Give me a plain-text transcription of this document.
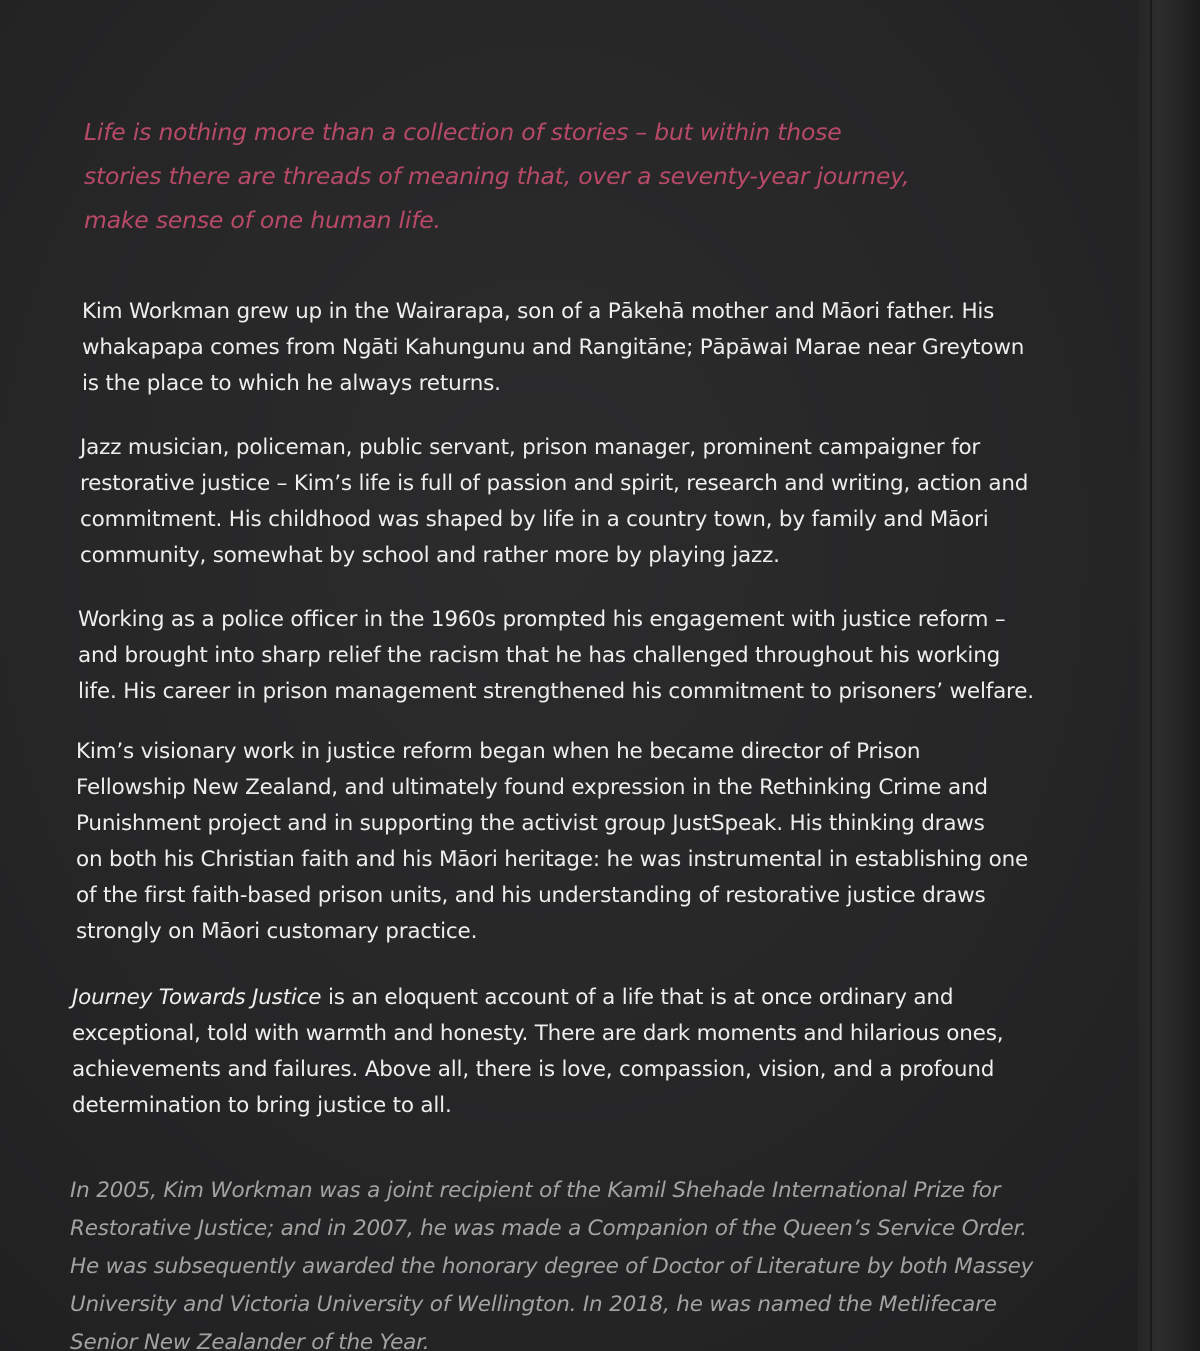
Life is nothing more than a collection of stories – but within those
stories there are threads of meaning that, over a seventy-year journey,
make sense of one human life.
Kim Workman grew up in the Wairarapa, son of a Pākehā mother and Māori father. His
whakapapa comes from Ngāti Kahungunu and Rangitāne; Pāpāwai Marae near Greytown
is the place to which he always returns.
Jazz musician, policeman, public servant, prison manager, prominent campaigner for
restorative justice – Kim’s life is full of passion and spirit, research and writing, action and
commitment. His childhood was shaped by life in a country town, by family and Māori
community, somewhat by school and rather more by playing jazz.
Working as a police officer in the 1960s prompted his engagement with justice reform –
and brought into sharp relief the racism that he has challenged throughout his working
life. His career in prison management strengthened his commitment to prisoners’ welfare.
Kim’s visionary work in justice reform began when he became director of Prison
Fellowship New Zealand, and ultimately found expression in the Rethinking Crime and
Punishment project and in supporting the activist group JustSpeak. His thinking draws
on both his Christian faith and his Māori heritage: he was instrumental in establishing one
of the first faith-based prison units, and his understanding of restorative justice draws
strongly on Māori customary practice.
Journey Towards Justice is an eloquent account of a life that is at once ordinary and
exceptional, told with warmth and honesty. There are dark moments and hilarious ones,
achievements and failures. Above all, there is love, compassion, vision, and a profound
determination to bring justice to all.
In 2005, Kim Workman was a joint recipient of the Kamil Shehade International Prize for
Restorative Justice; and in 2007, he was made a Companion of the Queen’s Service Order.
He was subsequently awarded the honorary degree of Doctor of Literature by both Massey
University and Victoria University of Wellington. In 2018, he was named the Metlifecare
Senior New Zealander of the Year.
